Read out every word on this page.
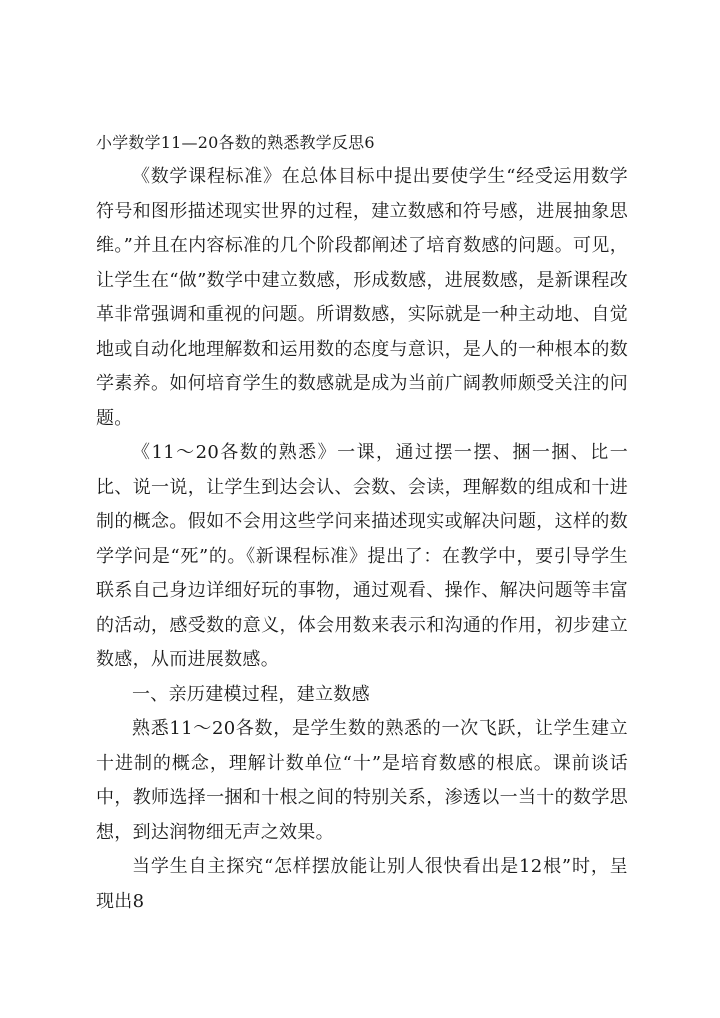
小学数学11—20各数的熟悉教学反思6

《数学课程标准》在总体目标中提出要使学生“经受运用数学符号和图形描述现实世界的过程，建立数感和符号感，进展抽象思维。”并且在内容标准的几个阶段都阐述了培育数感的问题。可见，让学生在“做”数学中建立数感，形成数感，进展数感，是新课程改革非常强调和重视的问题。所谓数感，实际就是一种主动地、自觉地或自动化地理解数和运用数的态度与意识，是人的一种根本的数学素养。如何培育学生的数感就是成为当前广阔教师颇受关注的问题。

《11～20各数的熟悉》一课，通过摆一摆、捆一捆、比一比、说一说，让学生到达会认、会数、会读，理解数的组成和十进制的概念。假如不会用这些学问来描述现实或解决问题，这样的数学学问是“死”的。《新课程标准》提出了：在教学中，要引导学生联系自己身边详细好玩的事物，通过观看、操作、解决问题等丰富的活动，感受数的意义，体会用数来表示和沟通的作用，初步建立数感，从而进展数感。

一、亲历建模过程，建立数感

熟悉11～20各数，是学生数的熟悉的一次飞跃，让学生建立十进制的概念，理解计数单位“十”是培育数感的根底。课前谈话中，教师选择一捆和十根之间的特别关系，渗透以一当十的数学思想，到达润物细无声之效果。

当学生自主探究“怎样摆放能让别人很快看出是12根”时，呈现出8
